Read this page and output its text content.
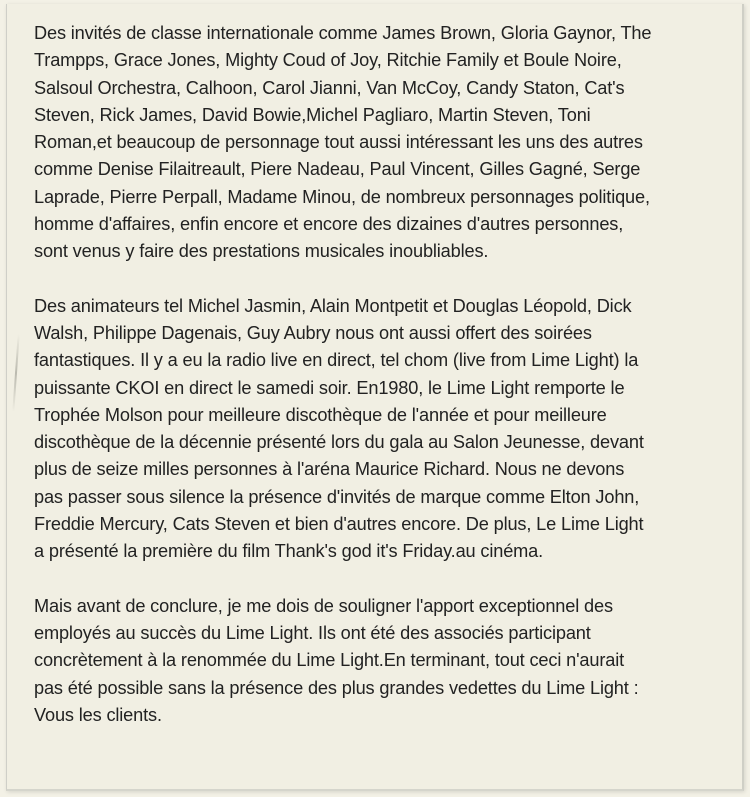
Des invités de classe internationale comme James Brown, Gloria Gaynor, The
Trampps, Grace Jones, Mighty Coud of Joy, Ritchie Family et Boule Noire,
Salsoul Orchestra, Calhoon, Carol Jianni, Van McCoy, Candy Staton, Cat's
Steven, Rick James, David Bowie,Michel Pagliaro, Martin Steven, Toni
Roman,et beaucoup de personnage tout aussi intéressant les uns des autres
comme Denise Filaitreault, Piere Nadeau, Paul Vincent, Gilles Gagné, Serge
Laprade, Pierre Perpall, Madame Minou, de nombreux personnages politique,
homme d'affaires, enfin encore et encore des dizaines d'autres personnes,
sont venus y faire des prestations musicales inoubliables.
Des animateurs tel Michel Jasmin, Alain Montpetit et Douglas Léopold, Dick
Walsh, Philippe Dagenais, Guy Aubry nous ont aussi offert des soirées
fantastiques. Il y a eu la radio live en direct, tel chom (live from Lime Light) la
puissante CKOI en direct le samedi soir. En1980, le Lime Light remporte le
Trophée Molson pour meilleure discothèque de l'année et pour meilleure
discothèque de la décennie présenté lors du gala au Salon Jeunesse, devant
plus de seize milles personnes à l'aréna Maurice Richard. Nous ne devons
pas passer sous silence la présence d'invités de marque comme Elton John,
Freddie Mercury, Cats Steven et bien d'autres encore. De plus, Le Lime Light
a présenté la première du film Thank's god it's Friday.au cinéma.
Mais avant de conclure, je me dois de souligner l'apport exceptionnel des
employés au succès du Lime Light. Ils ont été des associés participant
concrètement à la renommée du Lime Light.En terminant, tout ceci n'aurait
pas été possible sans la présence des plus grandes vedettes du Lime Light :
Vous les clients.
